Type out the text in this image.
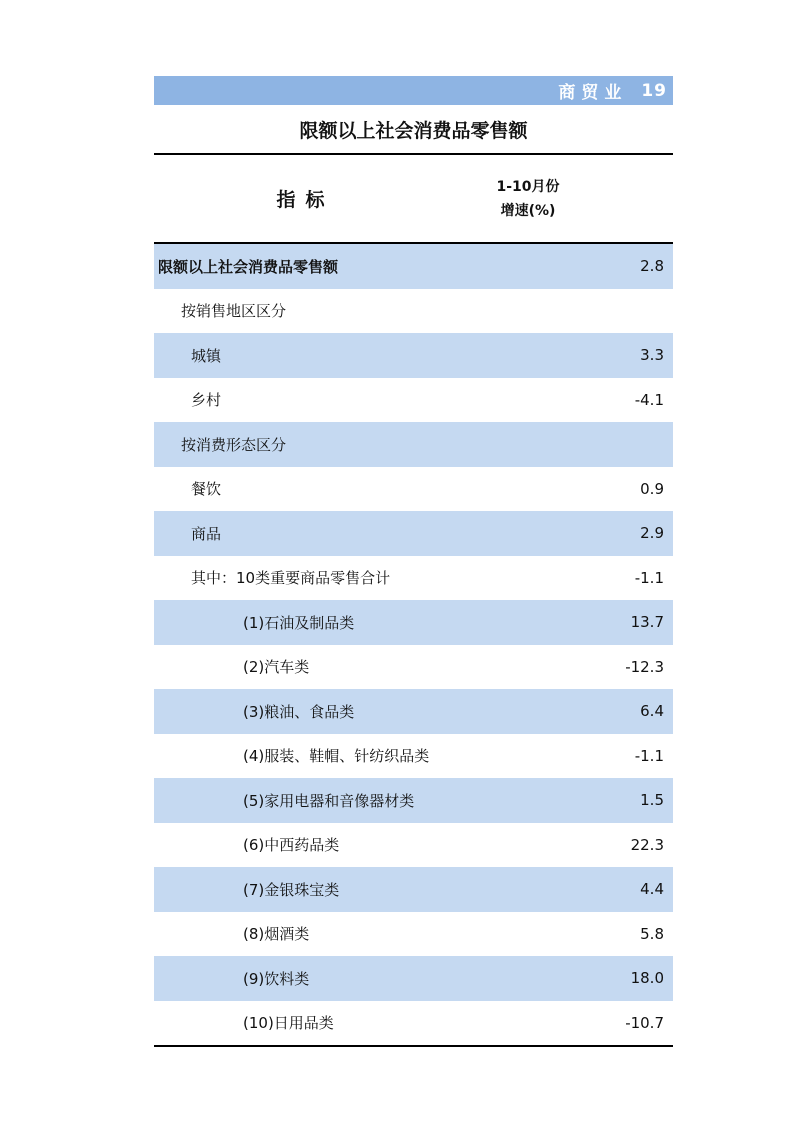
商贸业 19
限额以上社会消费品零售额
指标
1-10月份
增速(%)
限额以上社会消费品零售额	2.8
按销售地区区分
城镇	3.3
乡村	-4.1
按消费形态区分
餐饮	0.9
商品	2.9
其中：10类重要商品零售合计	-1.1
(1)石油及制品类	13.7
(2)汽车类	-12.3
(3)粮油、食品类	6.4
(4)服装、鞋帽、针纺织品类	-1.1
(5)家用电器和音像器材类	1.5
(6)中西药品类	22.3
(7)金银珠宝类	4.4
(8)烟酒类	5.8
(9)饮料类	18.0
(10)日用品类	-10.7
